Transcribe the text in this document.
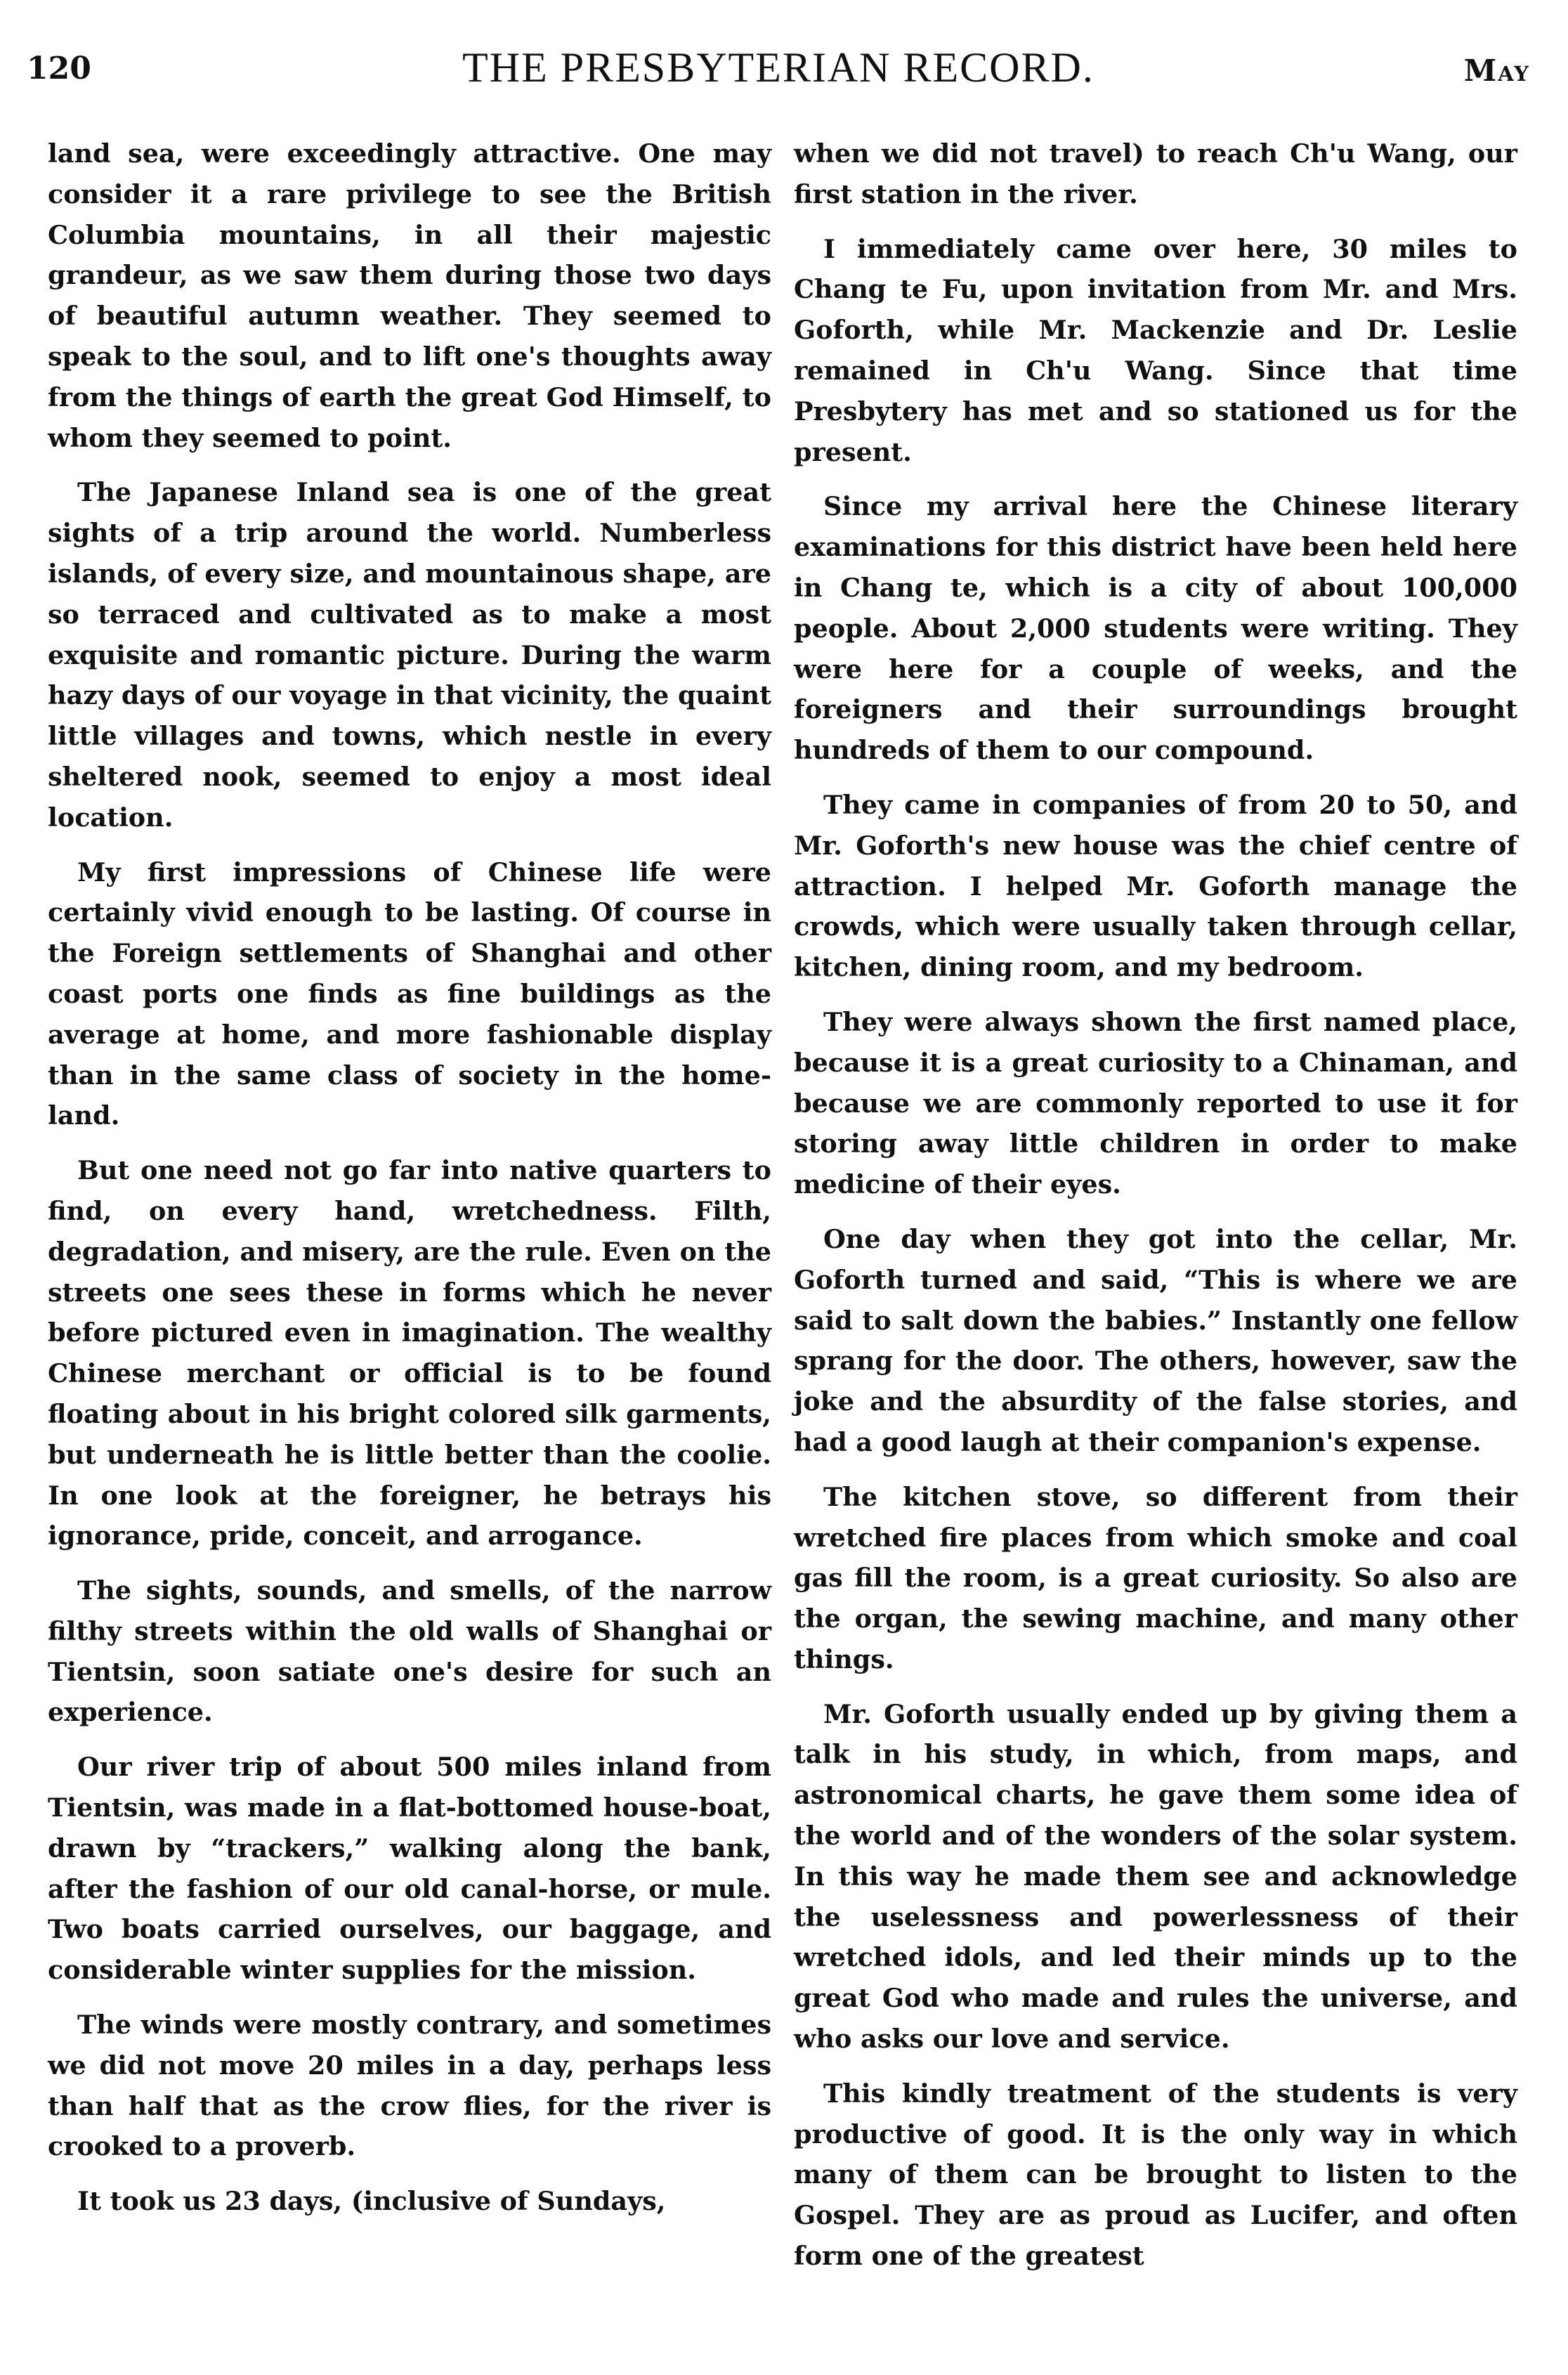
120	THE PRESBYTERIAN RECORD.	May

land sea, were exceedingly attractive. One may consider it a rare privilege to see the British Columbia mountains, in all their majestic grandeur, as we saw them during those two days of beautiful autumn weather. They seemed to speak to the soul, and to lift one's thoughts away from the things of earth the great God Himself, to whom they seemed to point.

The Japanese Inland sea is one of the great sights of a trip around the world. Numberless islands, of every size, and mountainous shape, are so terraced and cultivated as to make a most exquisite and romantic picture. During the warm hazy days of our voyage in that vicinity, the quaint little villages and towns, which nestle in every sheltered nook, seemed to enjoy a most ideal location.

My first impressions of Chinese life were certainly vivid enough to be lasting. Of course in the Foreign settlements of Shanghai and other coast ports one finds as fine buildings as the average at home, and more fashionable display than in the same class of society in the home-land.

But one need not go far into native quarters to find, on every hand, wretchedness. Filth, degradation, and misery, are the rule. Even on the streets one sees these in forms which he never before pictured even in imagination. The wealthy Chinese merchant or official is to be found floating about in his bright colored silk garments, but underneath he is little better than the coolie. In one look at the foreigner, he betrays his ignorance, pride, conceit, and arrogance.

The sights, sounds, and smells, of the narrow filthy streets within the old walls of Shanghai or Tientsin, soon satiate one's desire for such an experience.

Our river trip of about 500 miles inland from Tientsin, was made in a flat-bottomed house-boat, drawn by “trackers,” walking along the bank, after the fashion of our old canal-horse, or mule. Two boats carried ourselves, our baggage, and considerable winter supplies for the mission.

The winds were mostly contrary, and sometimes we did not move 20 miles in a day, perhaps less than half that as the crow flies, for the river is crooked to a proverb.

It took us 23 days, (inclusive of Sundays,

when we did not travel) to reach Ch'u Wang, our first station in the river.

I immediately came over here, 30 miles to Chang te Fu, upon invitation from Mr. and Mrs. Goforth, while Mr. Mackenzie and Dr. Leslie remained in Ch'u Wang. Since that time Presbytery has met and so stationed us for the present.

Since my arrival here the Chinese literary examinations for this district have been held here in Chang te, which is a city of about 100,000 people. About 2,000 students were writing. They were here for a couple of weeks, and the foreigners and their surroundings brought hundreds of them to our compound.

They came in companies of from 20 to 50, and Mr. Goforth's new house was the chief centre of attraction. I helped Mr. Goforth manage the crowds, which were usually taken through cellar, kitchen, dining room, and my bedroom.

They were always shown the first named place, because it is a great curiosity to a Chinaman, and because we are commonly reported to use it for storing away little children in order to make medicine of their eyes.

One day when they got into the cellar, Mr. Goforth turned and said, “This is where we are said to salt down the babies.” Instantly one fellow sprang for the door. The others, however, saw the joke and the absurdity of the false stories, and had a good laugh at their companion's expense.

The kitchen stove, so different from their wretched fire places from which smoke and coal gas fill the room, is a great curiosity. So also are the organ, the sewing machine, and many other things.

Mr. Goforth usually ended up by giving them a talk in his study, in which, from maps, and astronomical charts, he gave them some idea of the world and of the wonders of the solar system. In this way he made them see and acknowledge the uselessness and powerlessness of their wretched idols, and led their minds up to the great God who made and rules the universe, and who asks our love and service.

This kindly treatment of the students is very productive of good. It is the only way in which many of them can be brought to listen to the Gospel. They are as proud as Lucifer, and often form one of the greatest
